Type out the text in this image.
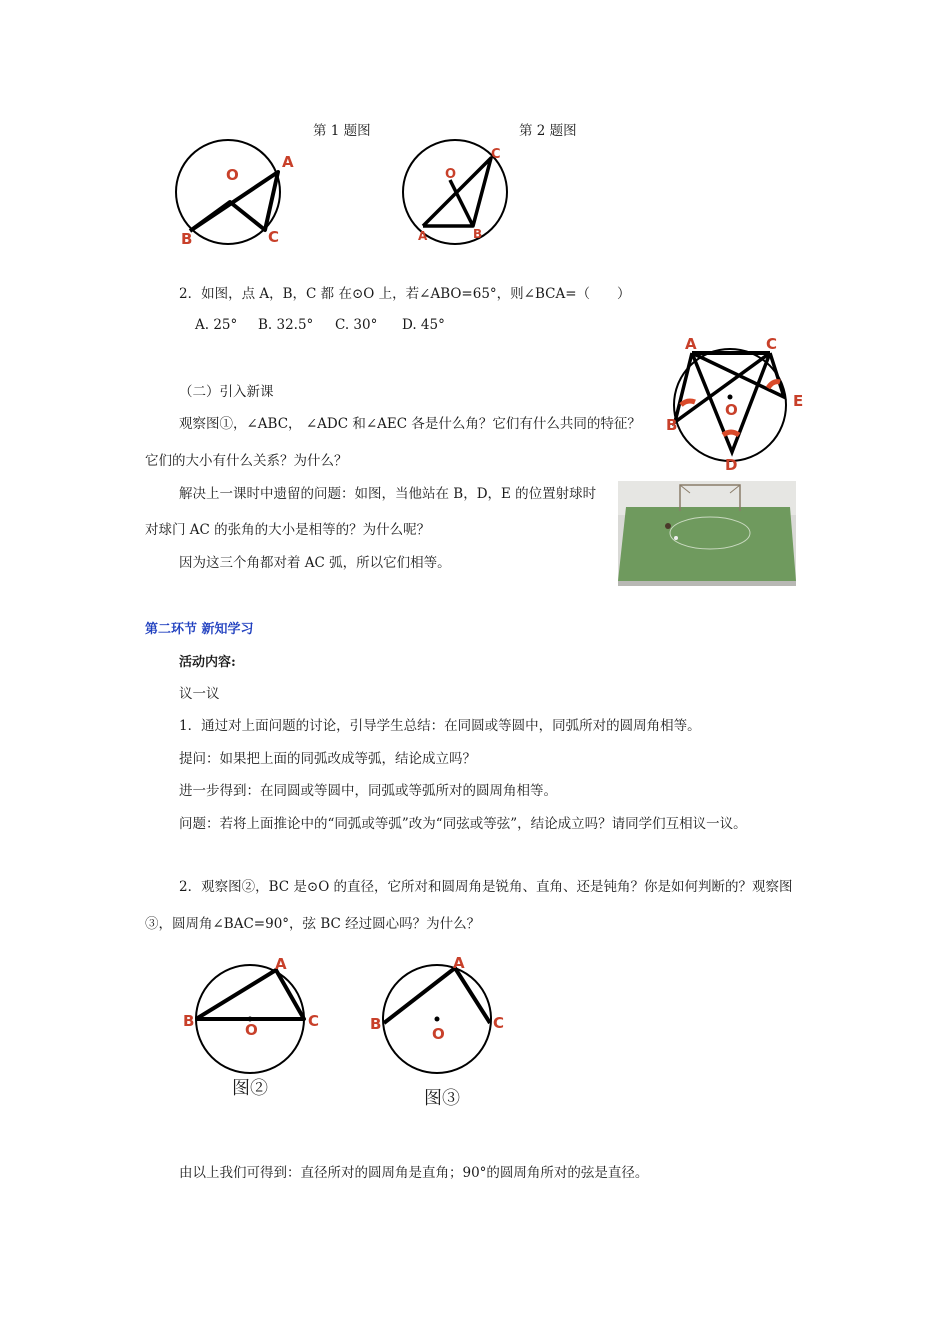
第 1 题图	第 2 题图
O
A
B	C
O
C
A	B
2．如图，点 A，B，C 都 在⊙O 上，若∠ABO=65°，则∠BCA=（　　）
A. 25° B. 32.5° C. 30° D. 45°
A	C
E
B
D
O
（二）引入新课
观察图①，∠ABC， ∠ADC 和∠AEC 各是什么角？它们有什么共同的特征？
它们的大小有什么关系？为什么？
解决上一课时中遗留的问题：如图，当他站在 B，D，E 的位置射球时
对球门 AC 的张角的大小是相等的？为什么呢？
因为这三个角都对着 AC 弧，所以它们相等。
第二环节 新知学习
活动内容:
议一议
1．通过对上面问题的讨论，引导学生总结：在同圆或等圆中，同弧所对的圆周角相等。
提问：如果把上面的同弧改成等弧，结论成立吗？
进一步得到：在同圆或等圆中，同弧或等弧所对的圆周角相等。
问题：若将上面推论中的“同弧或等弧”改为“同弦或等弦”，结论成立吗？请同学们互相议一议。
2．观察图②，BC 是⊙O 的直径，它所对和圆周角是锐角、直角、还是钝角？你是如何判断的？观察图
③，圆周角∠BAC=90°，弦 BC 经过圆心吗？为什么？
A
B	C
O
图②
A
B	C
O
图③
由以上我们可得到：直径所对的圆周角是直角；90°的圆周角所对的弦是直径。
